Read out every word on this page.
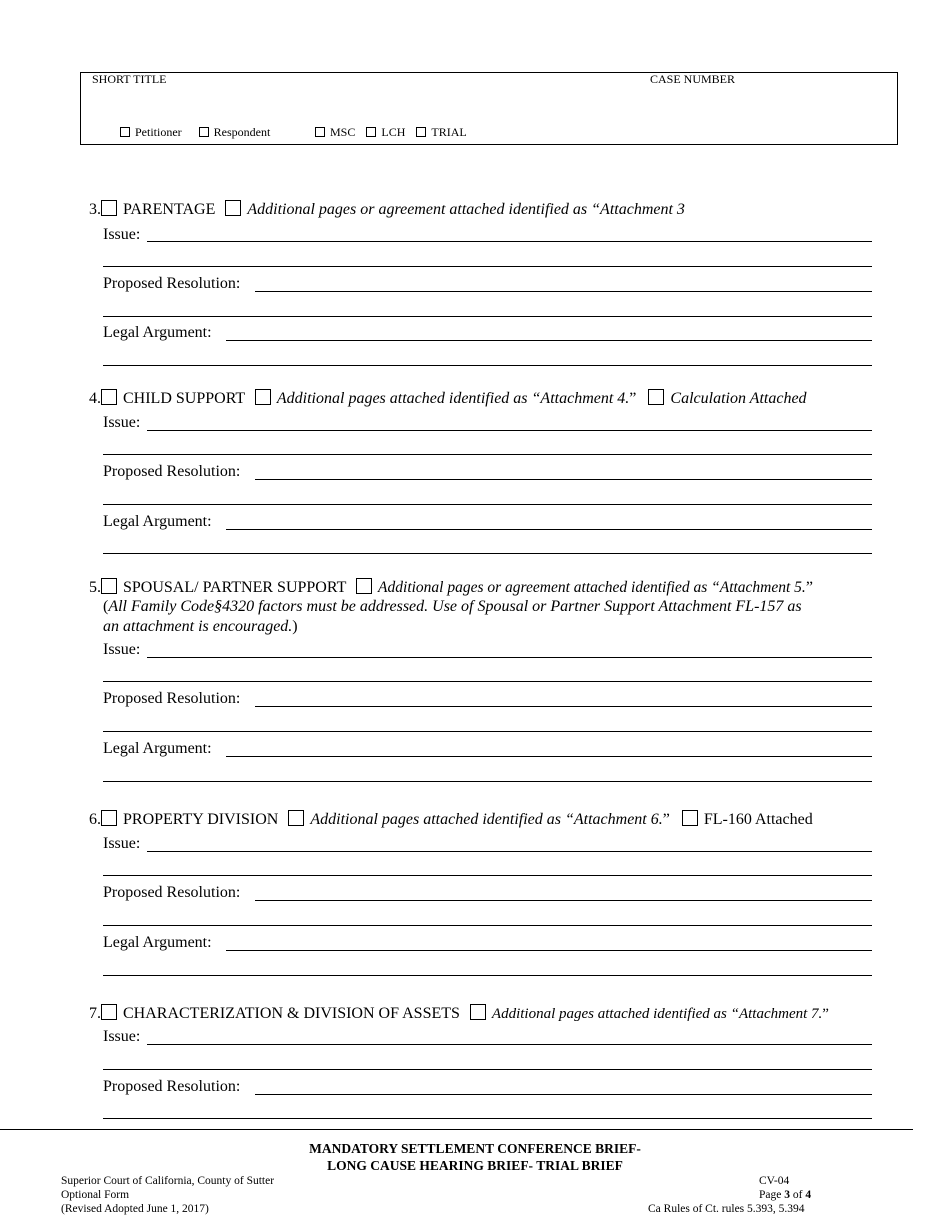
SHORT TITLE	CASE NUMBER
Petitioner	Respondent	MSC LCH TRIAL
3. PARENTAGE Additional pages or agreement attached identified as “Attachment 3
Issue:
Proposed Resolution:
Legal Argument:
4. CHILD SUPPORT Additional pages attached identified as “Attachment 4.” Calculation Attached
Issue:
Proposed Resolution:
Legal Argument:
5. SPOUSAL/ PARTNER SUPPORT Additional pages or agreement attached identified as “Attachment 5.”
(All Family Code§4320 factors must be addressed. Use of Spousal or Partner Support Attachment FL-157 as
an attachment is encouraged.)
Issue:
Proposed Resolution:
Legal Argument:
6. PROPERTY DIVISION Additional pages attached identified as “Attachment 6.” FL-160 Attached
Issue:
Proposed Resolution:
Legal Argument:
7. CHARACTERIZATION & DIVISION OF ASSETS Additional pages attached identified as “Attachment 7.”
Issue:
Proposed Resolution:
MANDATORY SETTLEMENT CONFERENCE BRIEF-
LONG CAUSE HEARING BRIEF- TRIAL BRIEF
Superior Court of California, County of Sutter
Optional Form
(Revised Adopted June 1, 2017)
CV-04
Page 3 of 4
Ca Rules of Ct. rules 5.393, 5.394
